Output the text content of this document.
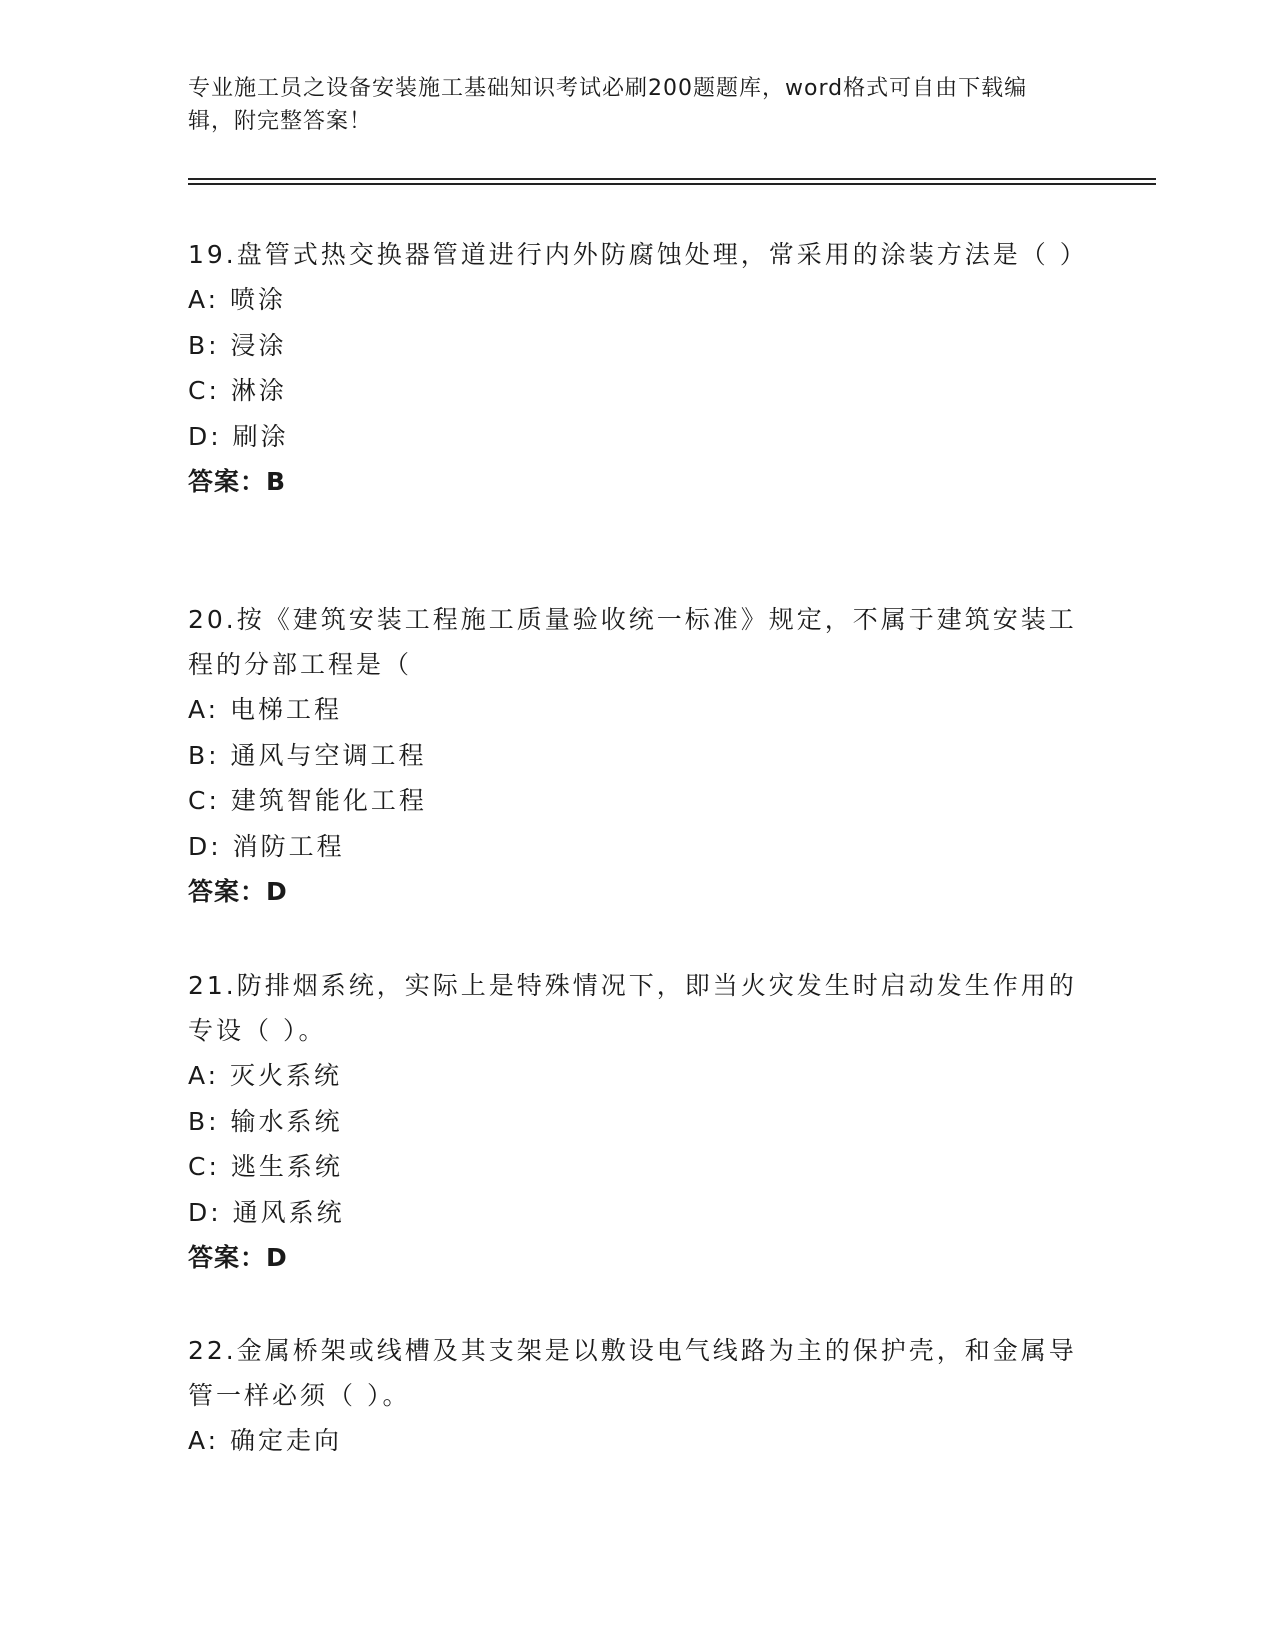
专业施工员之设备安装施工基础知识考试必刷200题题库，word格式可自由下载编辑，附完整答案！
19.盘管式热交换器管道进行内外防腐蚀处理，常采用的涂装方法是（ ）
A: 喷涂
B: 浸涂
C: 淋涂
D: 刷涂
答案：B
20.按《建筑安装工程施工质量验收统一标准》规定，不属于建筑安装工程的分部工程是（
A: 电梯工程
B: 通风与空调工程
C: 建筑智能化工程
D: 消防工程
答案：D
21.防排烟系统，实际上是特殊情况下，即当火灾发生时启动发生作用的专设（ ）。
A: 灭火系统
B: 输水系统
C: 逃生系统
D: 通风系统
答案：D
22.金属桥架或线槽及其支架是以敷设电气线路为主的保护壳，和金属导管一样必须（ ）。
A: 确定走向
